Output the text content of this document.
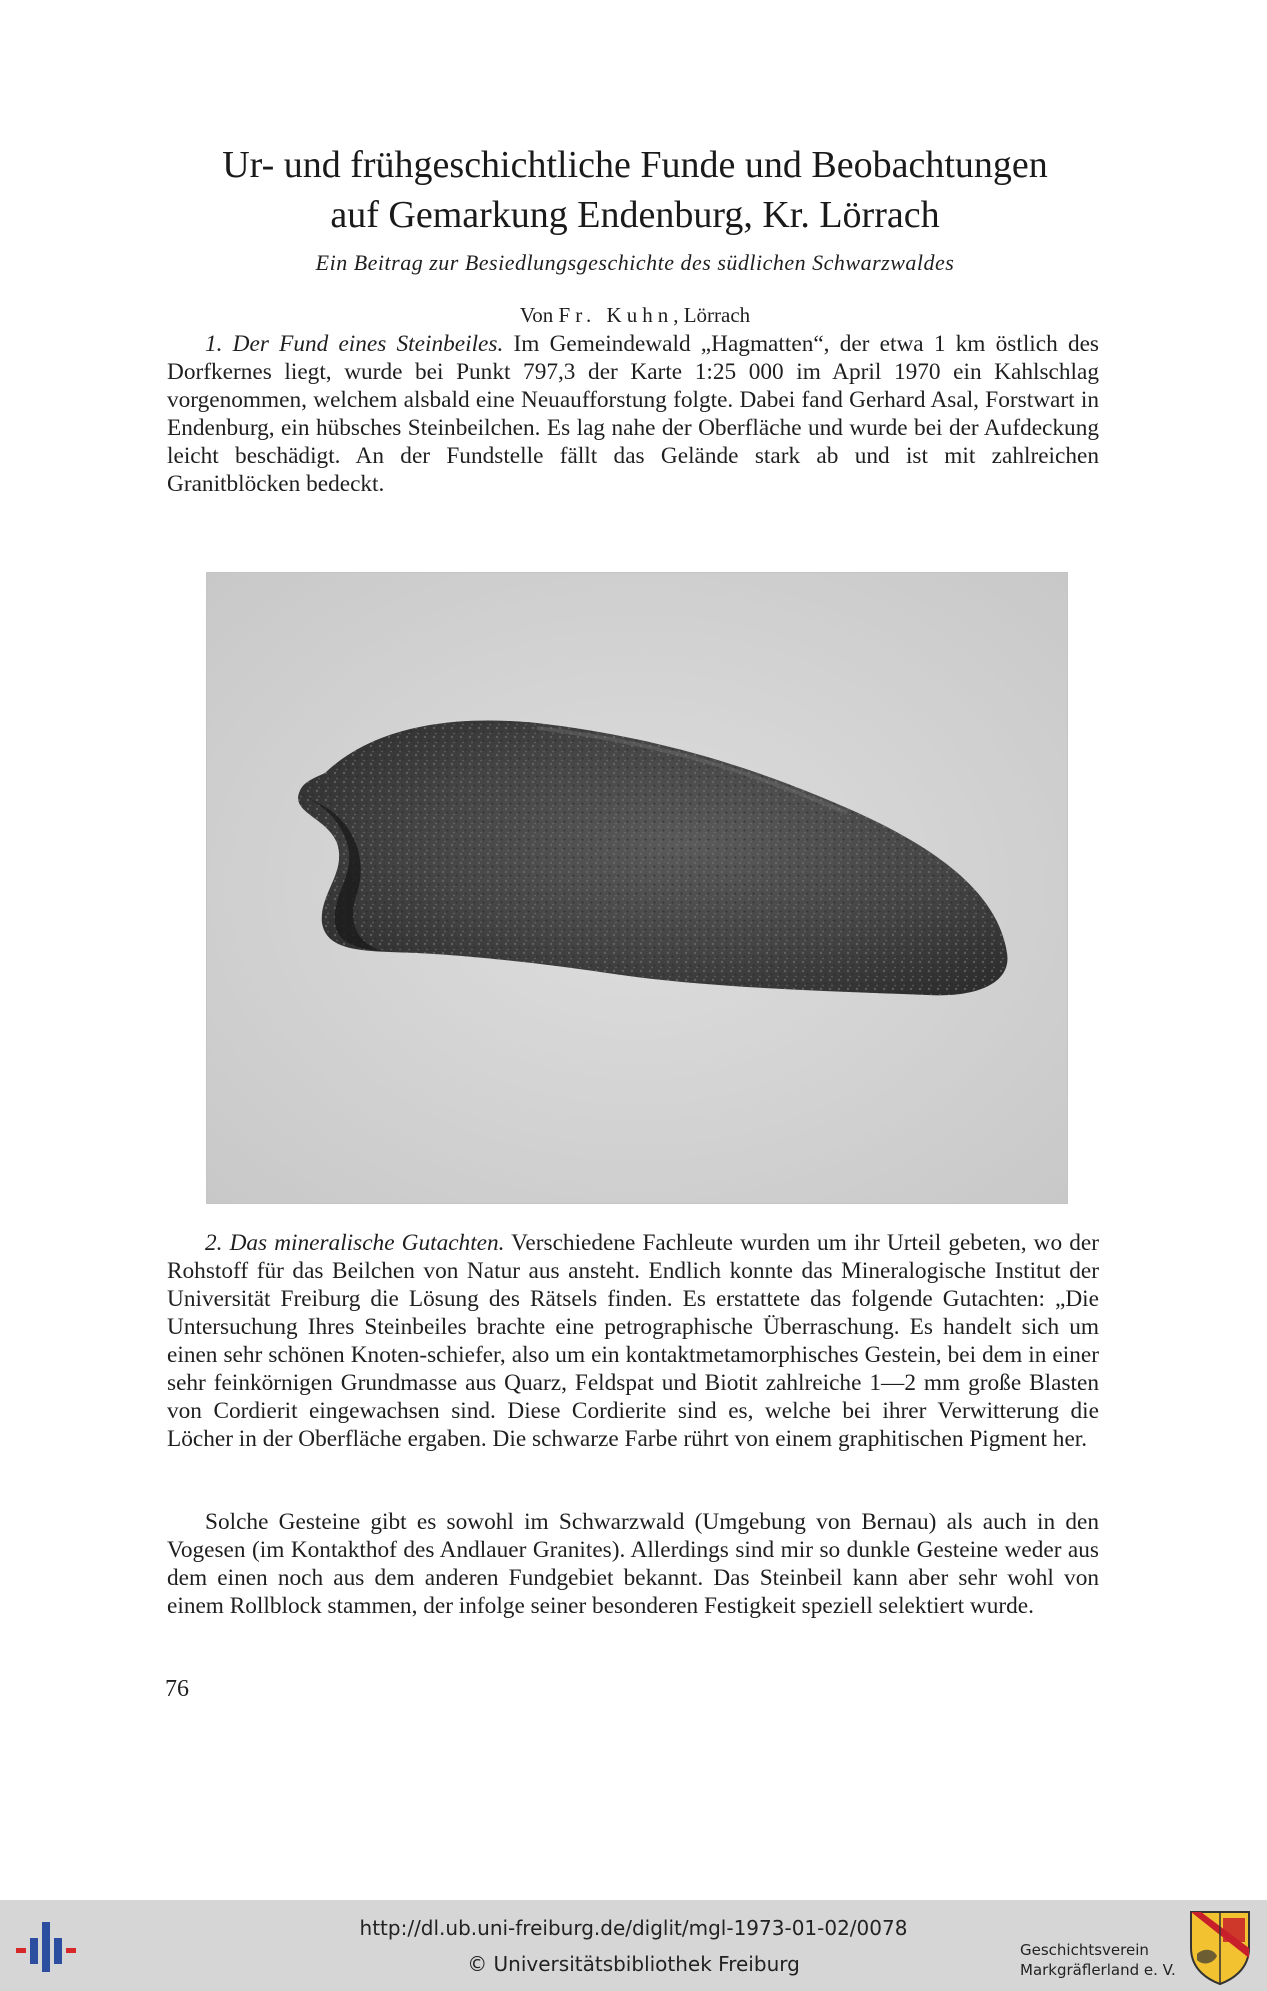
Ur- und frühgeschichtliche Funde und Beobachtungen
auf Gemarkung Endenburg, Kr. Lörrach
Ein Beitrag zur Besiedlungsgeschichte des südlichen Schwarzwaldes
Von Fr. Kuhn, Lörrach

1. Der Fund eines Steinbeiles. Im Gemeindewald „Hagmatten“, der etwa 1 km östlich des Dorfkernes liegt, wurde bei Punkt 797,3 der Karte 1:25 000 im April 1970 ein Kahlschlag vorgenommen, welchem alsbald eine Neuaufforstung folgte. Dabei fand Gerhard Asal, Forstwart in Endenburg, ein hübsches Steinbeilchen. Es lag nahe der Oberfläche und wurde bei der Aufdeckung leicht beschädigt. An der Fundstelle fällt das Gelände stark ab und ist mit zahlreichen Granitblöcken bedeckt.

2. Das mineralische Gutachten. Verschiedene Fachleute wurden um ihr Urteil gebeten, wo der Rohstoff für das Beilchen von Natur aus ansteht. Endlich konnte das Mineralogische Institut der Universität Freiburg die Lösung des Rätsels finden. Es erstattete das folgende Gutachten: „Die Untersuchung Ihres Steinbeiles brachte eine petrographische Überraschung. Es handelt sich um einen sehr schönen Knoten-schiefer, also um ein kontaktmetamorphisches Gestein, bei dem in einer sehr feinkörnigen Grundmasse aus Quarz, Feldspat und Biotit zahlreiche 1—2 mm große Blasten von Cordierit eingewachsen sind. Diese Cordierite sind es, welche bei ihrer Verwitterung die Löcher in der Oberfläche ergaben. Die schwarze Farbe rührt von einem graphitischen Pigment her.

Solche Gesteine gibt es sowohl im Schwarzwald (Umgebung von Bernau) als auch in den Vogesen (im Kontakthof des Andlauer Granites). Allerdings sind mir so dunkle Gesteine weder aus dem einen noch aus dem anderen Fundgebiet bekannt. Das Steinbeil kann aber sehr wohl von einem Rollblock stammen, der infolge seiner besonderen Festigkeit speziell selektiert wurde.

76
http://dl.ub.uni-freiburg.de/diglit/mgl-1973-01-02/0078
© Universitätsbibliothek Freiburg
Geschichtsverein
Markgräflerland e. V.
